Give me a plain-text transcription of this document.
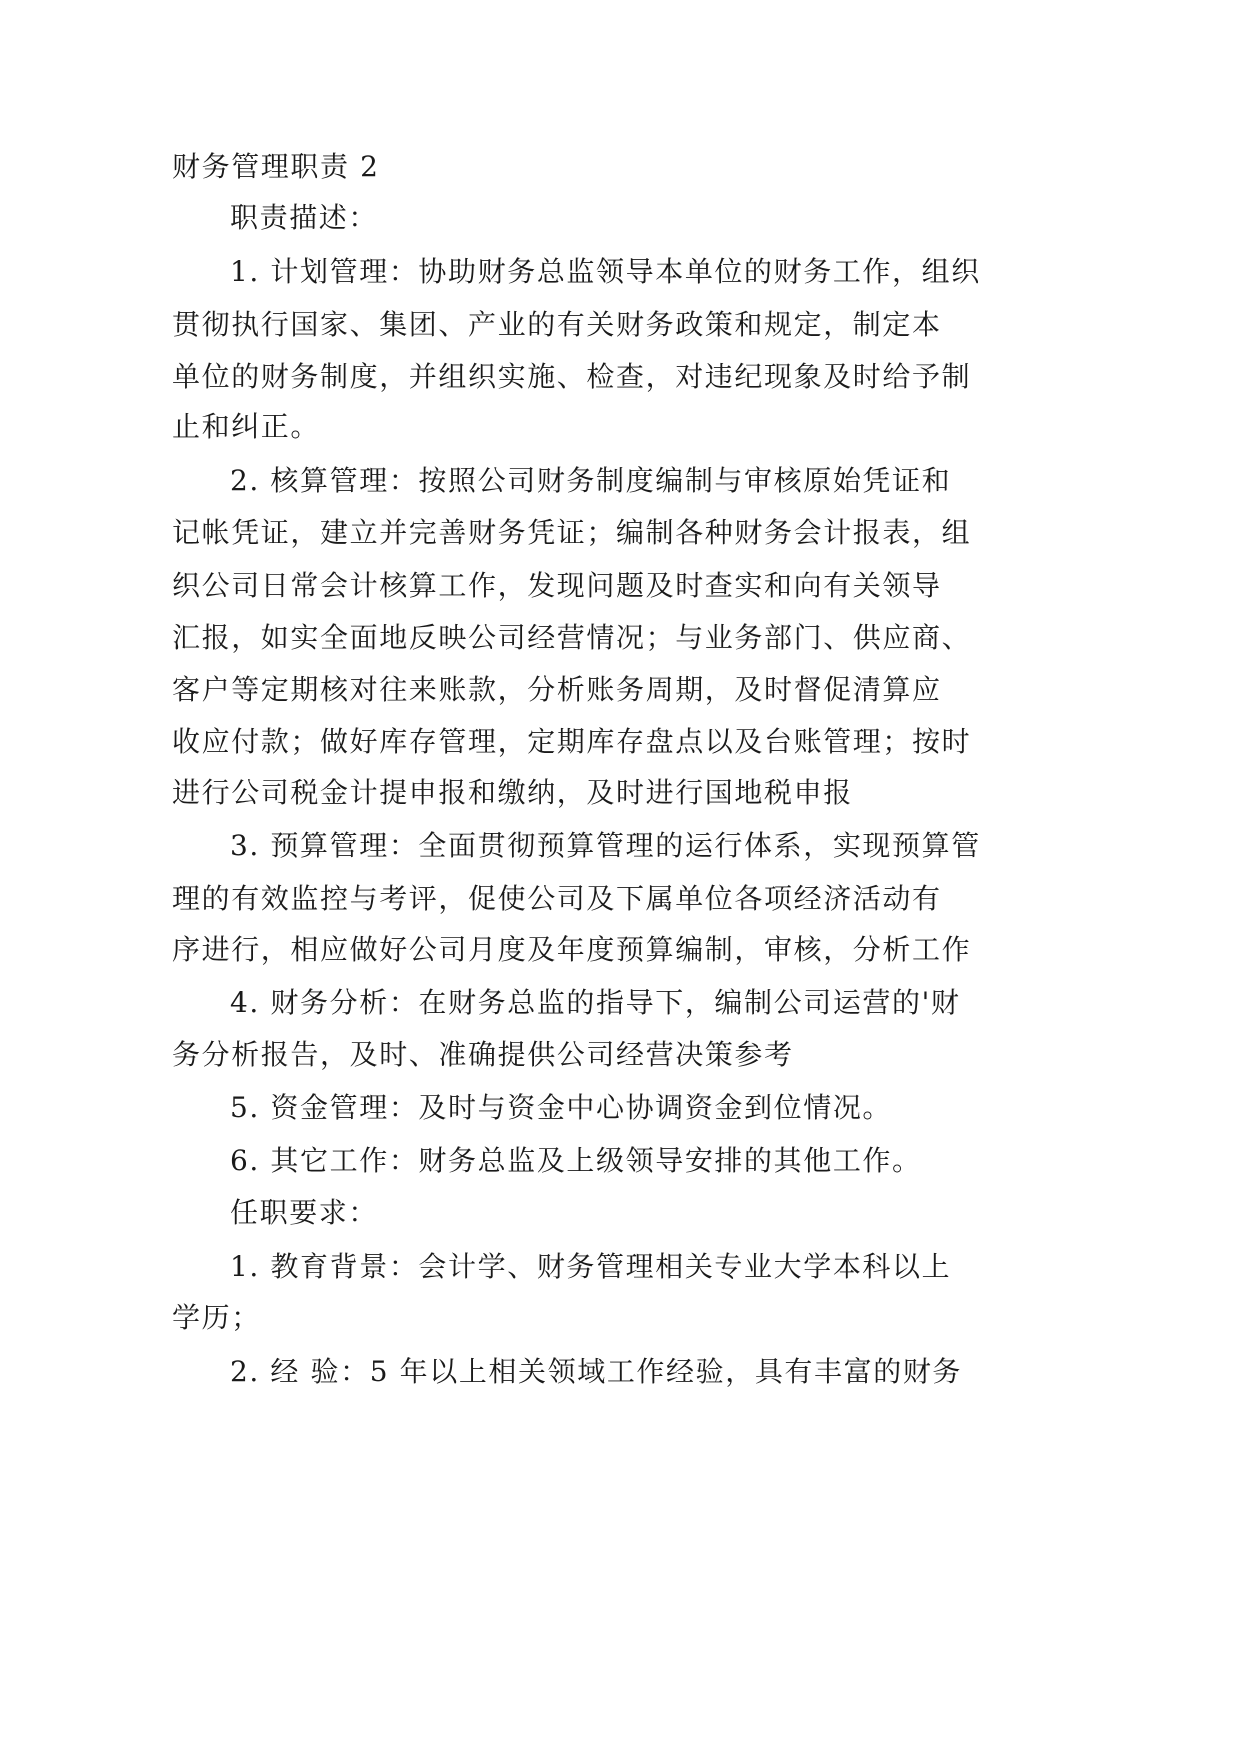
财务管理职责 2
职责描述：
1. 计划管理：协助财务总监领导本单位的财务工作，组织
贯彻执行国家、集团、产业的有关财务政策和规定，制定本
单位的财务制度，并组织实施、检查，对违纪现象及时给予制
止和纠正。
2. 核算管理：按照公司财务制度编制与审核原始凭证和
记帐凭证，建立并完善财务凭证；编制各种财务会计报表，组
织公司日常会计核算工作，发现问题及时查实和向有关领导
汇报，如实全面地反映公司经营情况；与业务部门、供应商、
客户等定期核对往来账款，分析账务周期，及时督促清算应
收应付款；做好库存管理，定期库存盘点以及台账管理；按时
进行公司税金计提申报和缴纳，及时进行国地税申报
3. 预算管理：全面贯彻预算管理的运行体系，实现预算管
理的有效监控与考评，促使公司及下属单位各项经济活动有
序进行，相应做好公司月度及年度预算编制，审核，分析工作
4. 财务分析：在财务总监的指导下，编制公司运营的'财
务分析报告，及时、准确提供公司经营决策参考
5. 资金管理：及时与资金中心协调资金到位情况。
6. 其它工作：财务总监及上级领导安排的其他工作。
任职要求：
1. 教育背景：会计学、财务管理相关专业大学本科以上
学历；
2. 经 验：5 年以上相关领域工作经验，具有丰富的财务
